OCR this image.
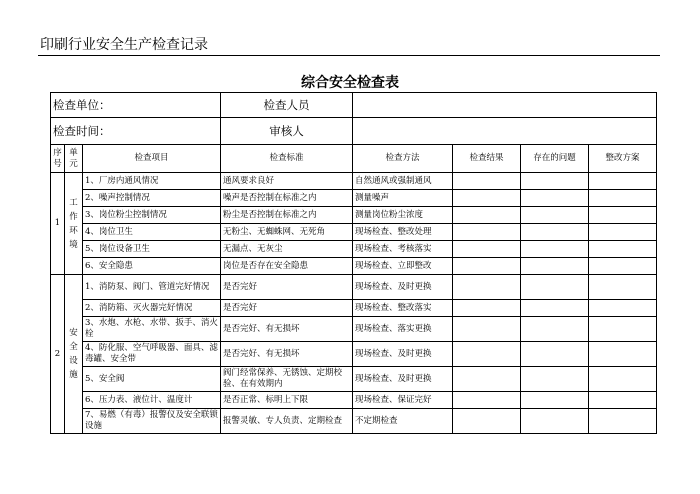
印刷行业安全生产检查记录
综合安全检查表
检查单位：			检查人员				
检查时间：			审核人				
序号	单元	检查项目	检查标准	检查方法	检查结果	存在的问题	整改方案
1	工作环境	1、厂房内通风情况	通风要求良好	自然通风或强制通风			
		2、噪声控制情况	噪声是否控制在标准之内	测量噪声			
		3、岗位粉尘控制情况	粉尘是否控制在标准之内	测量岗位粉尘浓度			
		4、岗位卫生	无粉尘、无蜘蛛网、无死角	现场检查、整改处理			
		5、岗位设备卫生	无漏点、无灰尘	现场检查、考核落实			
		6、安全隐患	岗位是否存在安全隐患	现场检查、立即整改			
2	安全设施	1、消防泵、阀门、管道完好情况	是否完好	现场检查、及时更换			
		2、消防箱、灭火器完好情况	是否完好	现场检查、整改落实			
		3、水炮、水枪、水带、扳手、消火栓	是否完好、有无损坏	现场检查、落实更换			
		4、防化服、空气呼吸器、面具、滤毒罐、安全带	是否完好、有无损坏	现场检查、及时更换			
		5、安全阀	阀门经常保养、无锈蚀、定期校验、在有效期内	现场检查、及时更换			
		6、压力表、液位计、温度计	是否正常、标明上下限	现场检查、保证完好			
		7、易燃（有毒）报警仪及安全联锁设施	报警灵敏、专人负责、定期检查	不定期检查			
